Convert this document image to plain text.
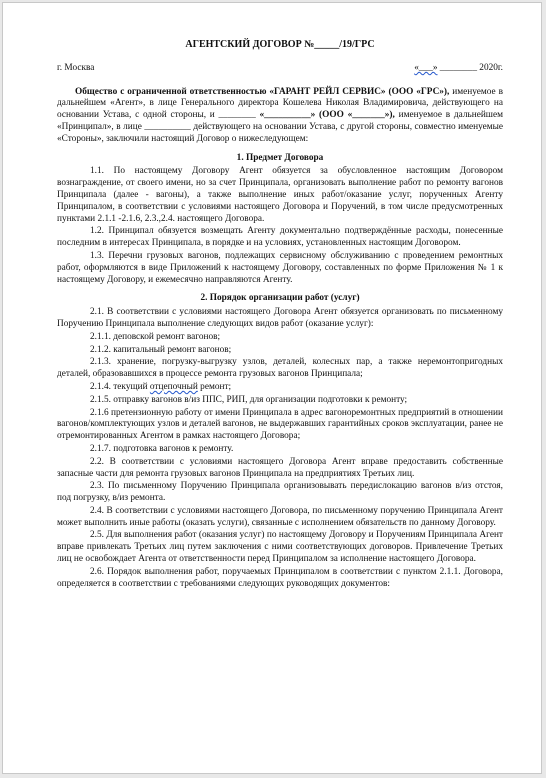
АГЕНТСКИЙ ДОГОВОР №_____/19/ГРС
г. Москва	«___» ________ 2020г.

Общество с ограниченной ответственностью «ГАРАНТ РЕЙЛ СЕРВИС» (ООО «ГРС»), именуемое в дальнейшем «Агент», в лице Генерального директора Кошелева Николая Владимировича, действующего на основании Устава, с одной стороны, и ________ «__________» (ООО «_______»), именуемое в дальнейшем «Принципал», в лице __________ действующего на основании Устава, с другой стороны, совместно именуемые «Стороны», заключили настоящий Договор о нижеследующем:

1. Предмет Договора

1.1. По настоящему Договору Агент обязуется за обусловленное настоящим Договором вознаграждение, от своего имени, но за счет Принципала, организовать выполнение работ по ремонту вагонов Принципала (далее - вагоны), а также выполнение иных работ/оказание услуг, порученных Агенту Принципалом, в соответствии с условиями настоящего Договора и Поручений, в том числе предусмотренных пунктами 2.1.1 -2.1.6, 2.3.,2.4. настоящего Договора.

1.2. Принципал обязуется возмещать Агенту документально подтверждённые расходы, понесенные последним в интересах Принципала, в порядке и на условиях, установленных настоящим Договором.

1.3. Перечни грузовых вагонов, подлежащих сервисному обслуживанию с проведением ремонтных работ, оформляются в виде Приложений к настоящему Договору, составленных по форме Приложения № 1 к настоящему Договору, и ежемесячно направляются Агенту.

2. Порядок организации работ (услуг)

2.1. В соответствии с условиями настоящего Договора Агент обязуется организовать по письменному Поручению Принципала выполнение следующих видов работ (оказание услуг):

2.1.1. деповской ремонт вагонов;

2.1.2. капитальный ремонт вагонов;

2.1.3. хранение, погрузку-выгрузку узлов, деталей, колесных пар, а также неремонтопригодных деталей, образовавшихся в процессе ремонта грузовых вагонов Принципала;

2.1.4. текущий отцепочный ремонт;

2.1.5. отправку вагонов в/из ППС, РИП, для организации подготовки к ремонту;

2.1.6 претензионную работу от имени Принципала в адрес вагоноремонтных предприятий в отношении вагонов/комплектующих узлов и деталей вагонов, не выдержавших гарантийных сроков эксплуатации, ранее не отремонтированных Агентом в рамках настоящего Договора;

2.1.7. подготовка вагонов к ремонту.

2.2. В соответствии с условиями настоящего Договора Агент вправе предоставить собственные запасные части для ремонта грузовых вагонов Принципала на предприятиях Третьих лиц.

2.3. По письменному Поручению Принципала организовывать передислокацию вагонов в/из отстоя, под погрузку, в/из ремонта.

2.4. В соответствии с условиями настоящего Договора, по письменному поручению Принципала Агент может выполнить иные работы (оказать услуги), связанные с исполнением обязательств по данному Договору.

2.5. Для выполнения работ (оказания услуг) по настоящему Договору и Поручениям Принципала Агент вправе привлекать Третьих лиц путем заключения с ними соответствующих договоров. Привлечение Третьих лиц не освобождает Агента от ответственности перед Принципалом за исполнение настоящего Договора.

2.6. Порядок выполнения работ, поручаемых Принципалом в соответствии с пунктом 2.1.1. Договора, определяется в соответствии с требованиями следующих руководящих документов:
